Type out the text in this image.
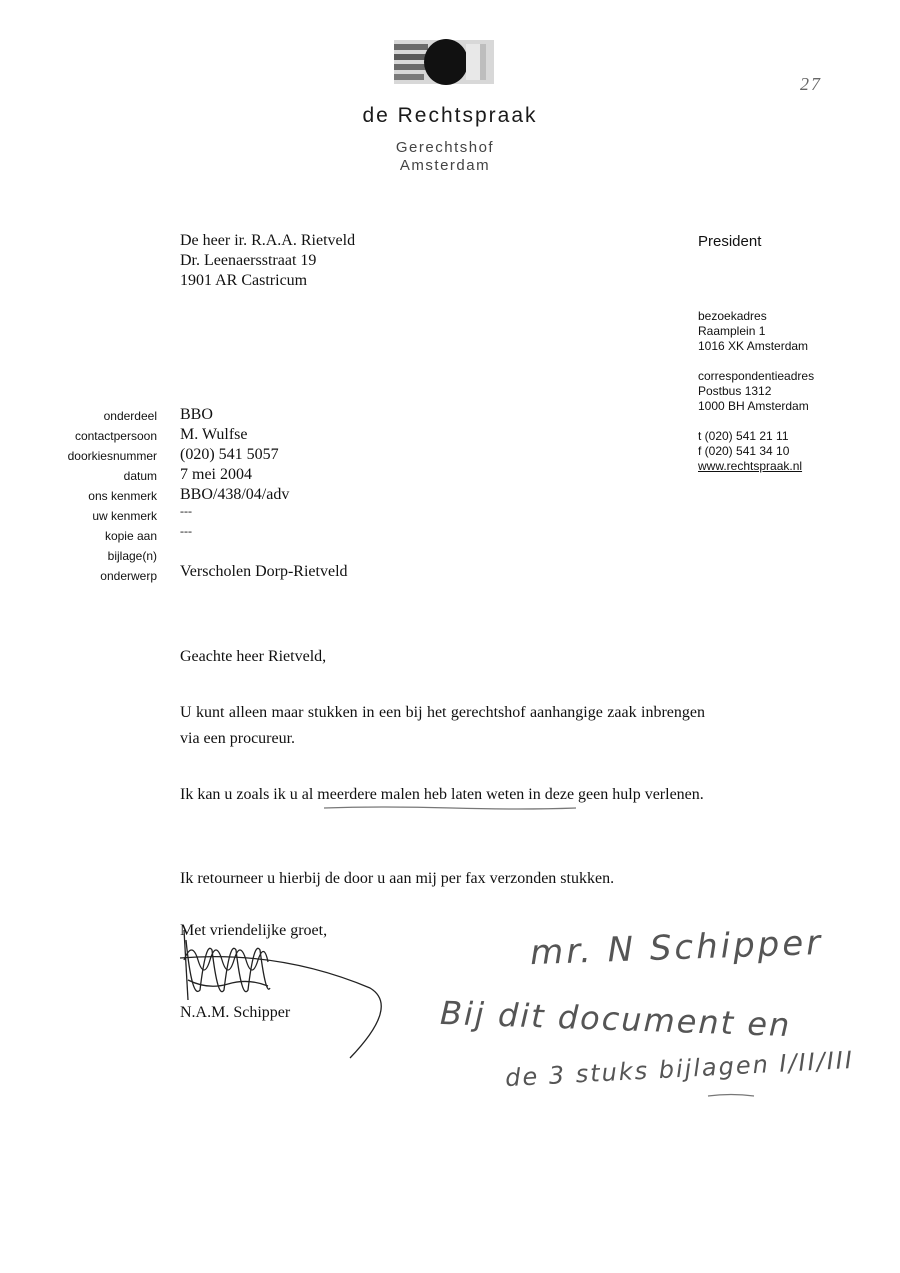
de Rechtspraak
Gerechtshof
Amsterdam
27
De heer ir. R.A.A. Rietveld
Dr. Leenaersstraat 19
1901 AR Castricum
President
bezoekadres
Raamplein 1
1016 XK Amsterdam
correspondentieadres
Postbus 1312
1000 BH Amsterdam
t (020) 541 21 11
f (020) 541 34 10
www.rechtspraak.nl
onderdeel BBO
contactpersoon M. Wulfse
doorkiesnummer (020) 541 5057
datum 7 mei 2004
ons kenmerk BBO/438/04/adv
uw kenmerk ---
kopie aan ---
bijlage(n)
onderwerp Verscholen Dorp-Rietveld
Geachte heer Rietveld,
U kunt alleen maar stukken in een bij het gerechtshof aanhangige zaak inbrengen via een procureur.
Ik kan u zoals ik u al meerdere malen heb laten weten in deze geen hulp verlenen.
Ik retourneer u hierbij de door u aan mij per fax verzonden stukken.
Met vriendelijke groet,
N.A.M. Schipper
mr. N Schipper
Bij dit document en
de 3 stuks bijlagen I/II/III
